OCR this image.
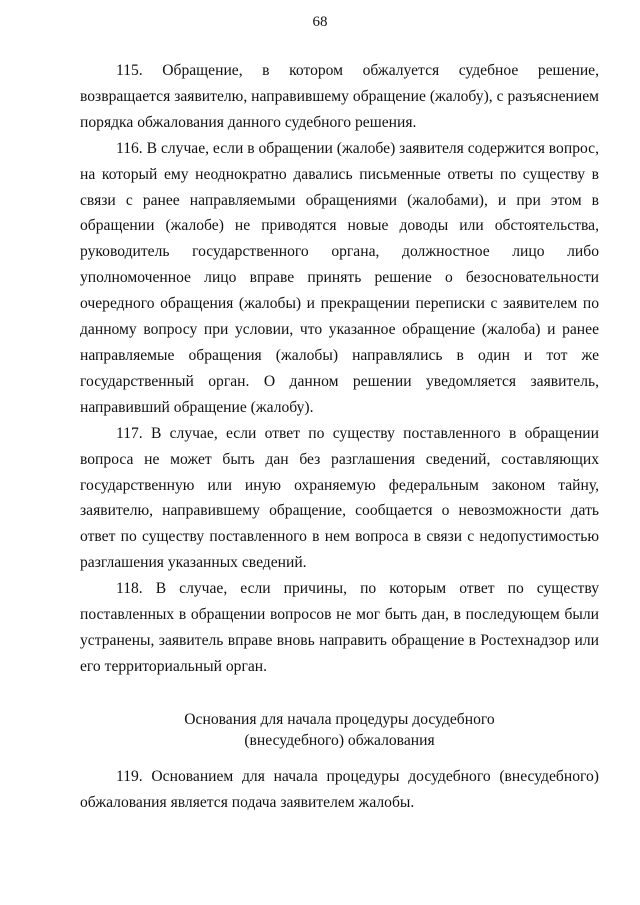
68

115. Обращение, в котором обжалуется судебное решение, возвращается заявителю, направившему обращение (жалобу), с разъяснением порядка обжалования данного судебного решения.

116. В случае, если в обращении (жалобе) заявителя содержится вопрос, на который ему неоднократно давались письменные ответы по существу в связи с ранее направляемыми обращениями (жалобами), и при этом в обращении (жалобе) не приводятся новые доводы или обстоятельства, руководитель государственного органа, должностное лицо либо уполномоченное лицо вправе принять решение о безосновательности очередного обращения (жалобы) и прекращении переписки с заявителем по данному вопросу при условии, что указанное обращение (жалоба) и ранее направляемые обращения (жалобы) направлялись в один и тот же государственный орган. О данном решении уведомляется заявитель, направивший обращение (жалобу).

117. В случае, если ответ по существу поставленного в обращении вопроса не может быть дан без разглашения сведений, составляющих государственную или иную охраняемую федеральным законом тайну, заявителю, направившему обращение, сообщается о невозможности дать ответ по существу поставленного в нем вопроса в связи с недопустимостью разглашения указанных сведений.

118. В случае, если причины, по которым ответ по существу поставленных в обращении вопросов не мог быть дан, в последующем были устранены, заявитель вправе вновь направить обращение в Ростехнадзор или его территориальный орган.

Основания для начала процедуры досудебного
(внесудебного) обжалования

119. Основанием для начала процедуры досудебного (внесудебного) обжалования является подача заявителем жалобы.
